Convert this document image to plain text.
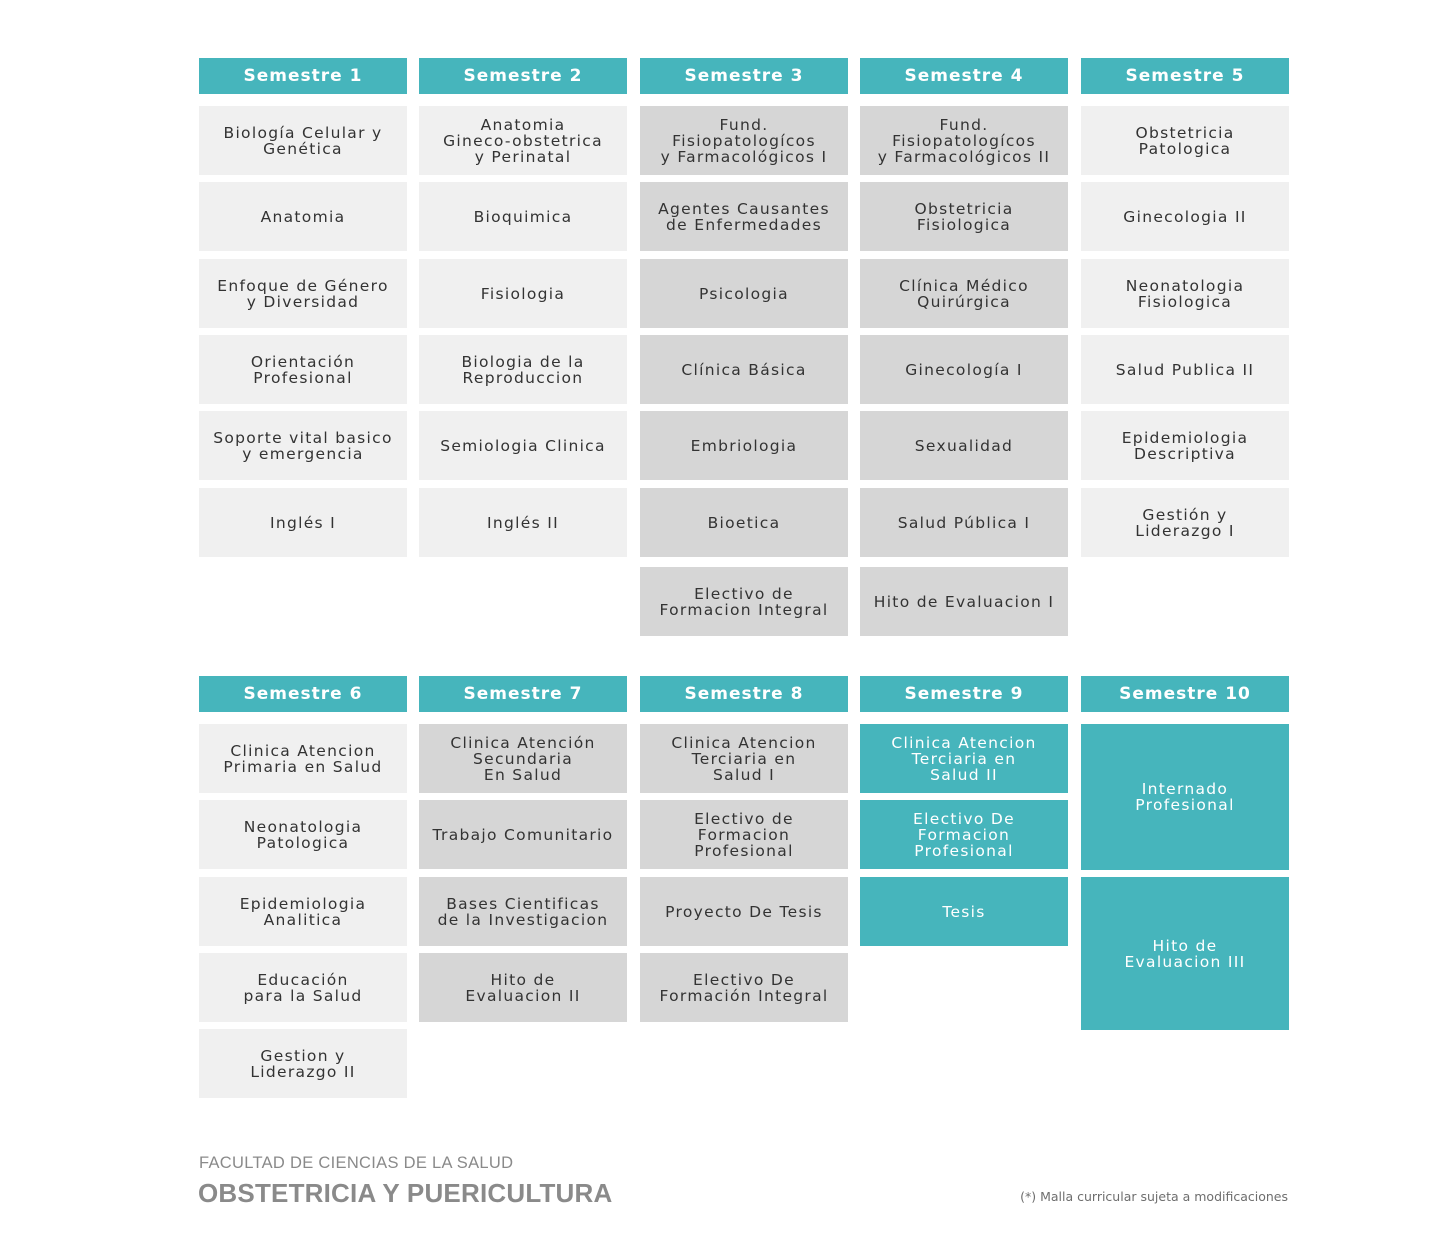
Semestre 1
Biología Celular y
Genética
Anatomia
Enfoque de Género
y Diversidad
Orientación
Profesional
Soporte vital basico
y emergencia
Inglés I
Semestre 2
Anatomia
Gineco-obstetrica
y Perinatal
Bioquimica
Fisiologia
Biologia de la
Reproduccion
Semiologia Clinica
Inglés II
Semestre 3
Fund. Fisiopatologícos
y Farmacológicos I
Agentes Causantes
de Enfermedades
Psicologia
Clínica Básica
Embriologia
Bioetica
Electivo de
Formacion Integral
Semestre 4
Fund. Fisiopatologícos
y Farmacológicos II
Obstetricia
Fisiologica
Clínica Médico
Quirúrgica
Ginecología I
Sexualidad
Salud Pública I
Hito de Evaluacion I
Semestre 5
Obstetricia
Patologica
Ginecologia II
Neonatologia
Fisiologica
Salud Publica II
Epidemiologia
Descriptiva
Gestión y
Liderazgo I
Semestre 6
Clinica Atencion
Primaria en Salud
Neonatologia
Patologica
Epidemiologia
Analitica
Educación
para la Salud
Gestion y
Liderazgo II
Semestre 7
Clinica Atención
Secundaria
En Salud
Trabajo Comunitario
Bases Cientificas
de la Investigacion
Hito de
Evaluacion II
Semestre 8
Clinica Atencion
Terciaria en
Salud I
Electivo de
Formacion
Profesional
Proyecto De Tesis
Electivo De
Formación Integral
Semestre 9
Clinica Atencion
Terciaria en
Salud II
Electivo De
Formacion
Profesional
Tesis
Semestre 10
Internado
Profesional
Hito de
Evaluacion III
FACULTAD DE CIENCIAS DE LA SALUD
OBSTETRICIA Y PUERICULTURA	(*) Malla curricular sujeta a modificaciones
